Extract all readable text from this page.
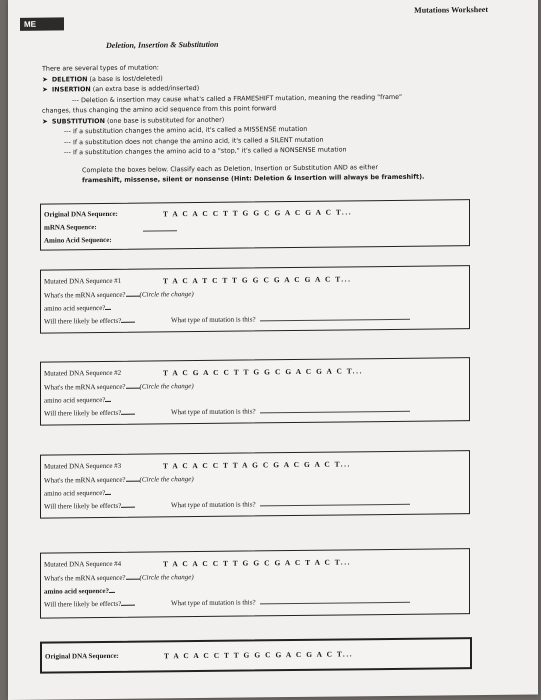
ME
Mutations Worksheet
Deletion, Insertion & Substitution
There are several types of mutation:
➤ DELETION (a base is lost/deleted)
➤ INSERTION (an extra base is added/inserted)
--- Deletion & insertion may cause what's called a FRAMESHIFT mutation, meaning the reading "frame"
changes, thus changing the amino acid sequence from this point forward
➤ SUBSTITUTION (one base is substituted for another)
--- If a substitution changes the amino acid, it's called a MISSENSE mutation
--- If a substitution does not change the amino acid, it's called a SILENT mutation
--- If a substitution changes the amino acid to a "stop," it's called a NONSENSE mutation
Complete the boxes below. Classify each as Deletion, Insertion or Substitution AND as either
frameshift, missense, silent or nonsense (Hint: Deletion & Insertion will always be frameshift).
Original DNA Sequence:	T A C A C C T T G G C G A C G A C T...
mRNA Sequence:
Amino Acid Sequence:
Mutated DNA Sequence #1	T A C A T C T T G G C G A C G A C T...
What's the mRNA sequence? (Circle the change)
amino acid sequence?
Will there likely be effects?	What type of mutation is this?
Mutated DNA Sequence #2	T A C G A C C T T G G C G A C G A C T...
What's the mRNA sequence? (Circle the change)
amino acid sequence?
Will there likely be effects?	What type of mutation is this?
Mutated DNA Sequence #3	T A C A C C T T A G C G A C G A C T...
What's the mRNA sequence? (Circle the change)
amino acid sequence?
Will there likely be effects?	What type of mutation is this?
Mutated DNA Sequence #4	T A C A C C T T G G C G A C T A C T...
What's the mRNA sequence? (Circle the change)
amino acid sequence?
Will there likely be effects?	What type of mutation is this?
Original DNA Sequence:	T A C A C C T T G G C G A C G A C T...
